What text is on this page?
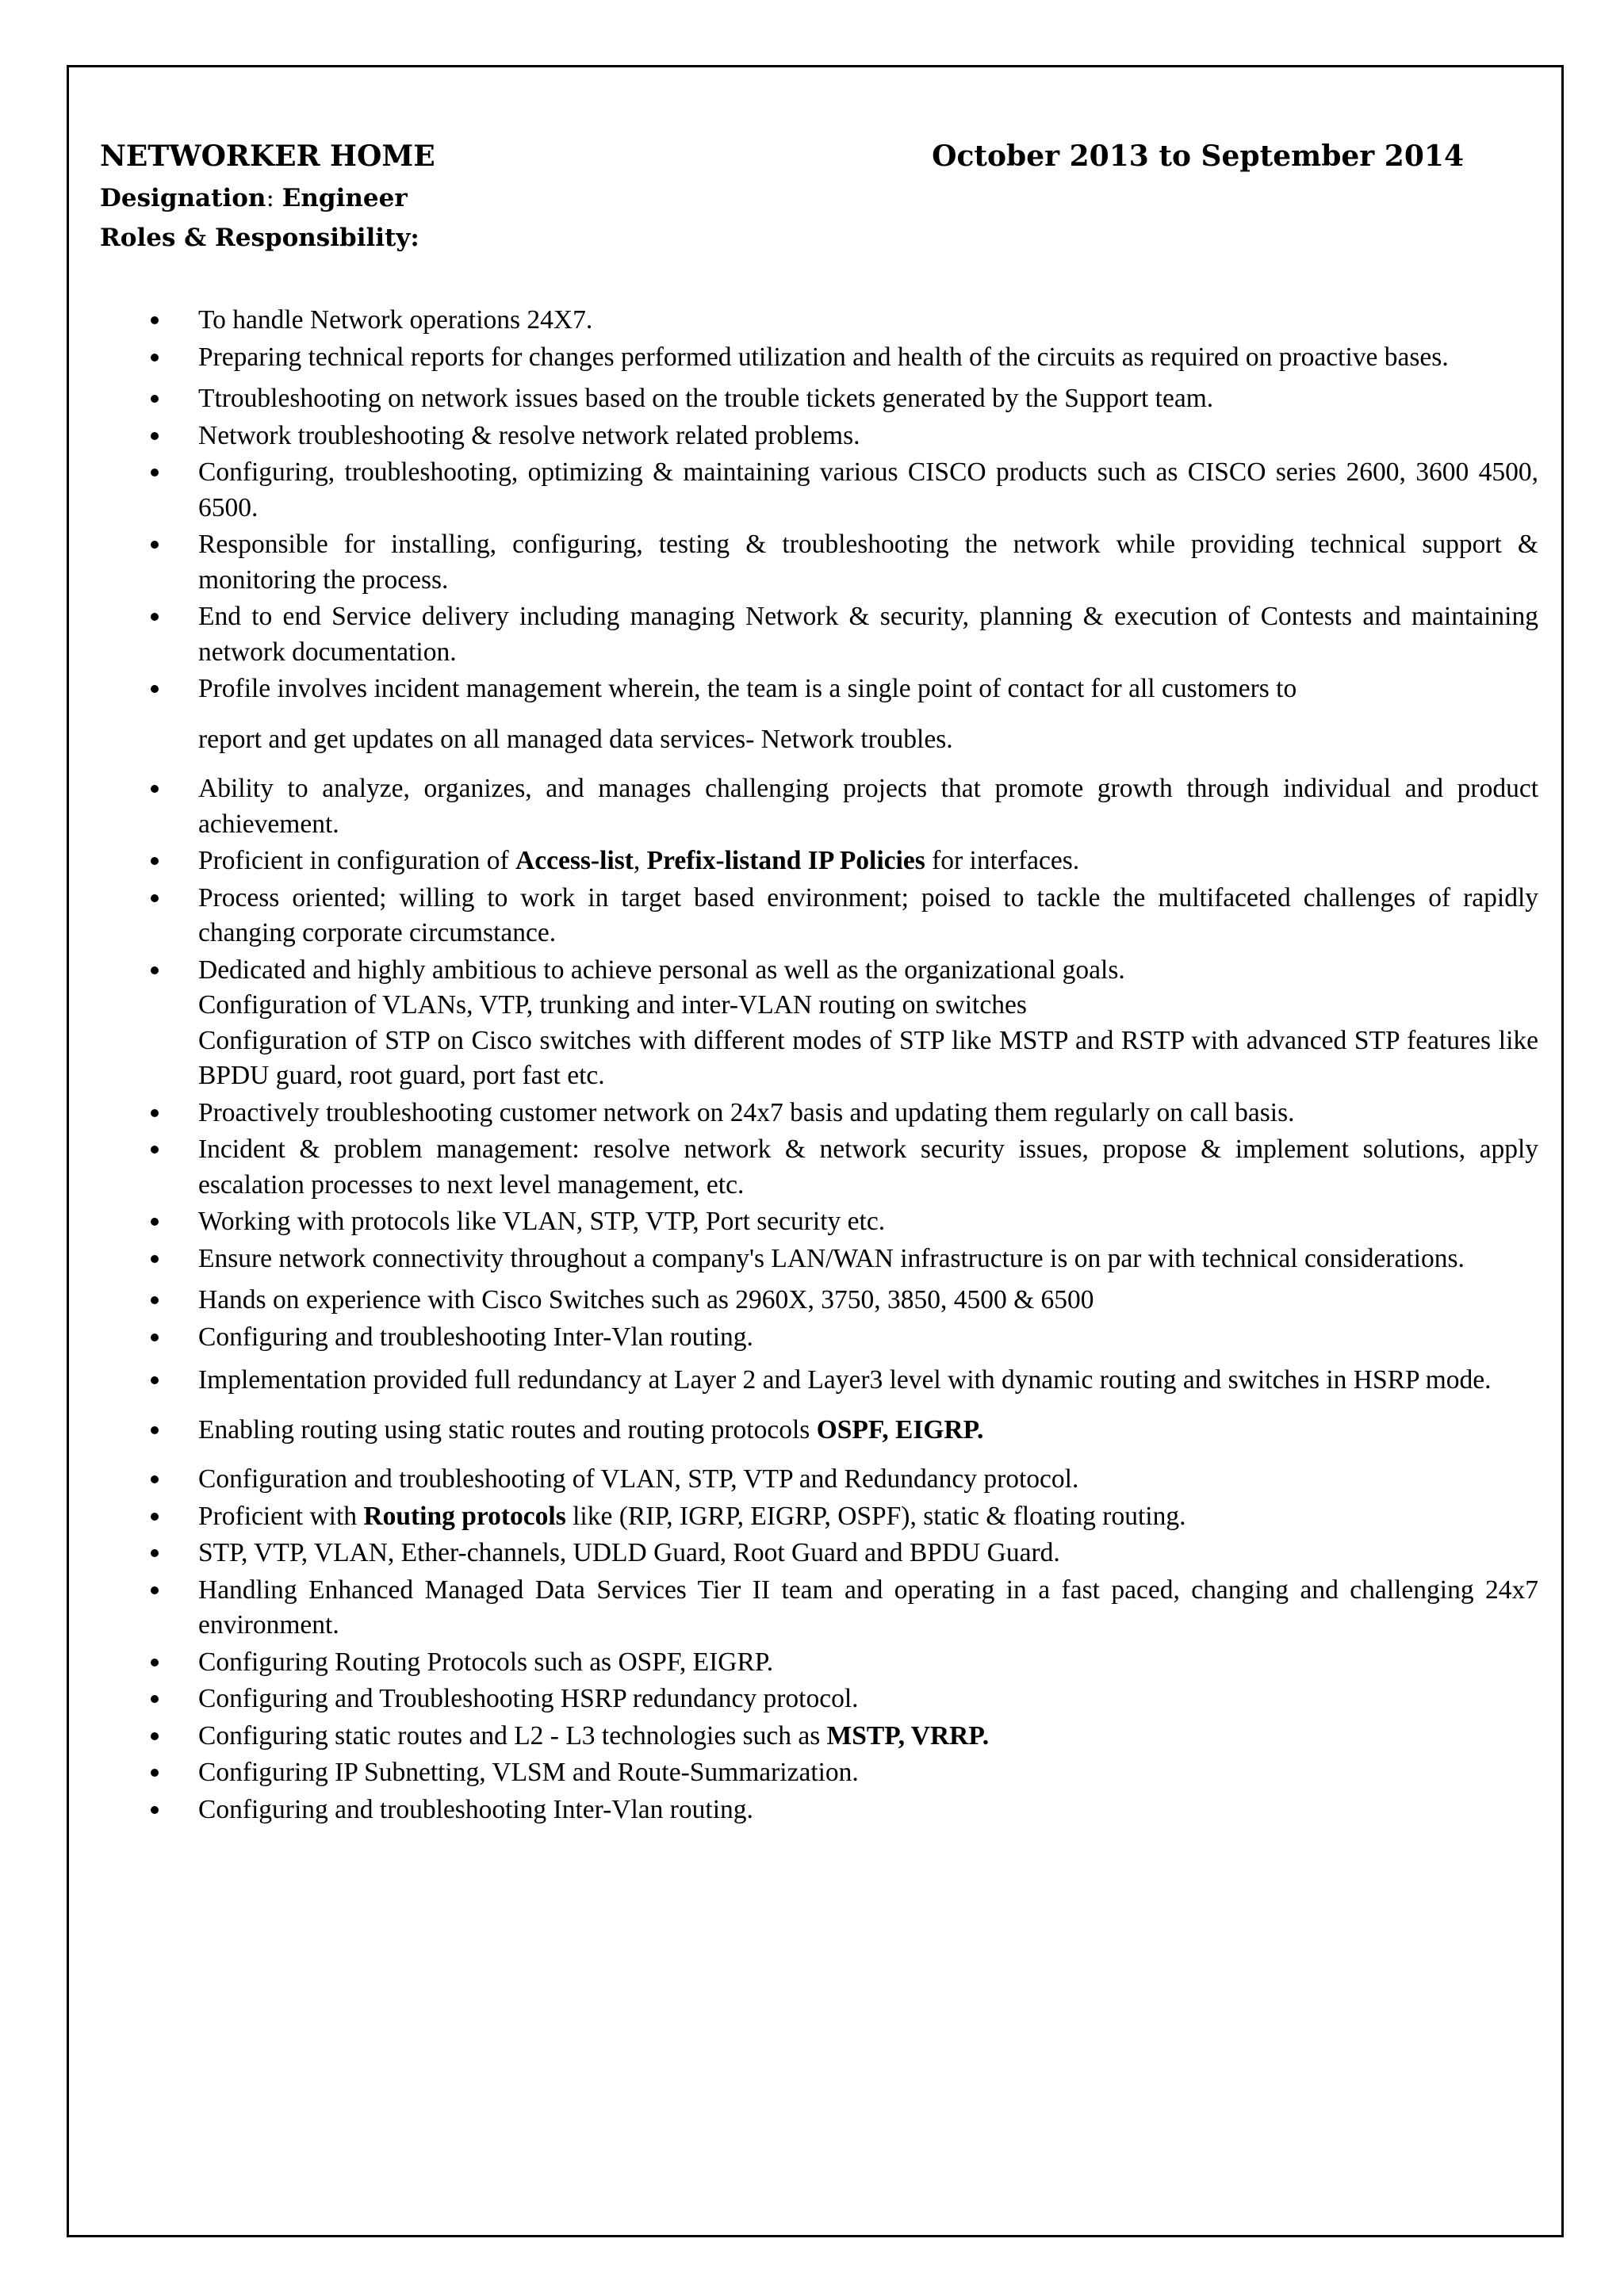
NETWORKER HOME	October 2013 to September 2014
Designation: Engineer
Roles & Responsibility:
To handle Network operations 24X7.
Preparing technical reports for changes performed utilization and health of the circuits as required on proactive bases.
Ttroubleshooting on network issues based on the trouble tickets generated by the Support team.
Network troubleshooting & resolve network related problems.
Configuring, troubleshooting, optimizing & maintaining various CISCO products such as CISCO series 2600, 3600 4500, 6500.
Responsible for installing, configuring, testing & troubleshooting the network while providing technical support & monitoring the process.
End to end Service delivery including managing Network & security, planning & execution of Contests and maintaining network documentation.
Profile involves incident management wherein, the team is a single point of contact for all customers to
report and get updates on all managed data services- Network troubles.
Ability to analyze, organizes, and manages challenging projects that promote growth through individual and product achievement.
Proficient in configuration of Access-list, Prefix-listand IP Policies for interfaces.
Process oriented; willing to work in target based environment; poised to tackle the multifaceted challenges of rapidly changing corporate circumstance.
Dedicated and highly ambitious to achieve personal as well as the organizational goals.
Configuration of VLANs, VTP, trunking and inter-VLAN routing on switches
Configuration of STP on Cisco switches with different modes of STP like MSTP and RSTP with advanced STP features like BPDU guard, root guard, port fast etc.
Proactively troubleshooting customer network on 24x7 basis and updating them regularly on call basis.
Incident & problem management: resolve network & network security issues, propose & implement solutions, apply escalation processes to next level management, etc.
Working with protocols like VLAN, STP, VTP, Port security etc.
Ensure network connectivity throughout a company's LAN/WAN infrastructure is on par with technical considerations.
Hands on experience with Cisco Switches such as 2960X, 3750, 3850, 4500 & 6500
Configuring and troubleshooting Inter-Vlan routing.
Implementation provided full redundancy at Layer 2 and Layer3 level with dynamic routing and switches in HSRP mode.
Enabling routing using static routes and routing protocols OSPF, EIGRP.
Configuration and troubleshooting of VLAN, STP, VTP and Redundancy protocol.
Proficient with Routing protocols like (RIP, IGRP, EIGRP, OSPF), static & floating routing.
STP, VTP, VLAN, Ether-channels, UDLD Guard, Root Guard and BPDU Guard.
Handling Enhanced Managed Data Services Tier II team and operating in a fast paced, changing and challenging 24x7 environment.
Configuring Routing Protocols such as OSPF, EIGRP.
Configuring and Troubleshooting HSRP redundancy protocol.
Configuring static routes and L2 - L3 technologies such as MSTP, VRRP.
Configuring IP Subnetting, VLSM and Route-Summarization.
Configuring and troubleshooting Inter-Vlan routing.
